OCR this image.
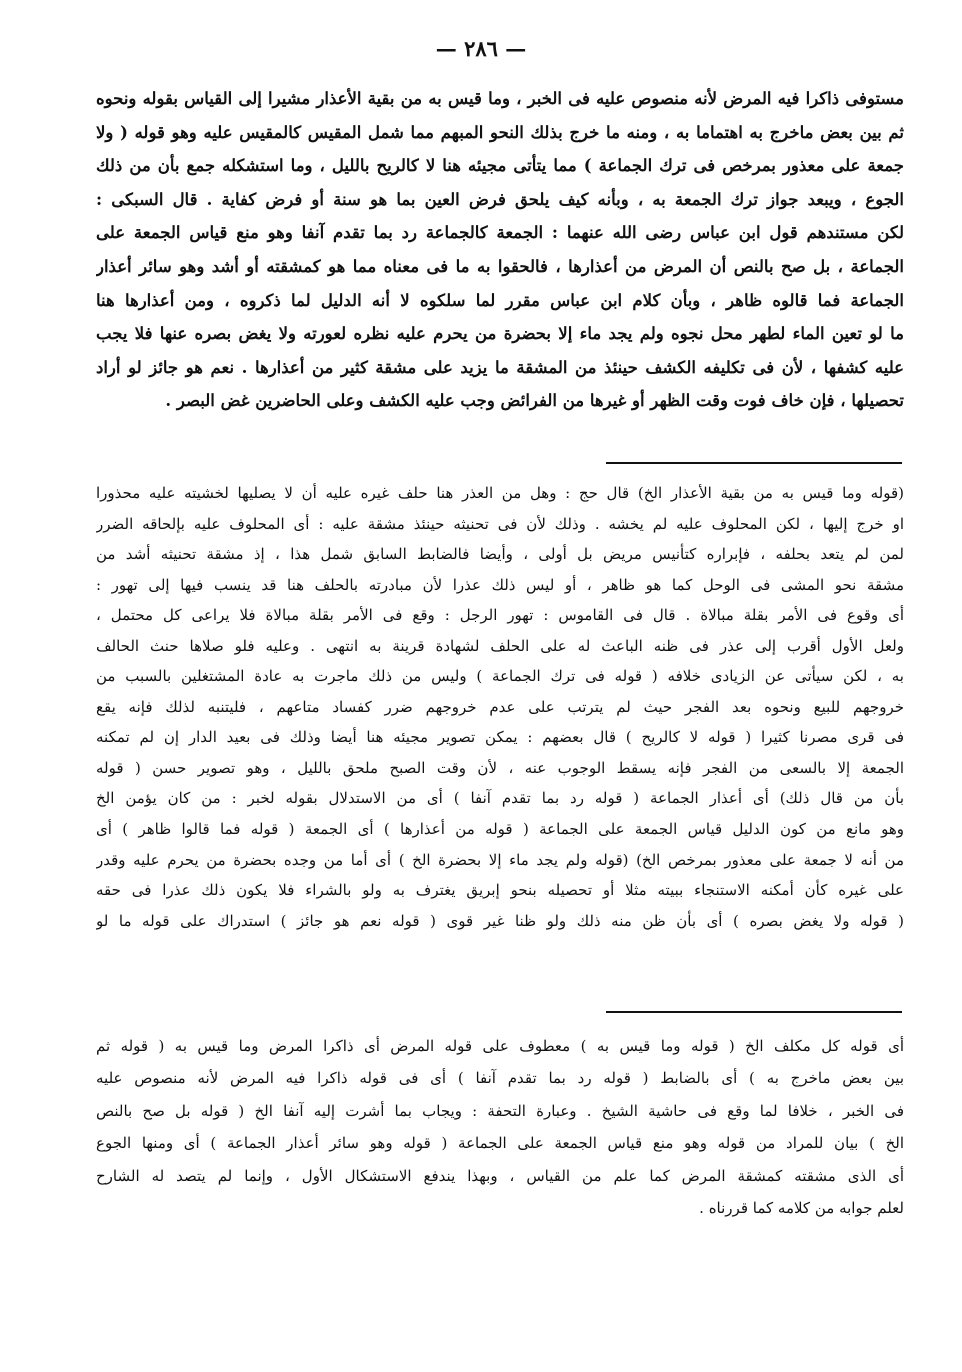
— ٢٨٦ —
مستوفى ذاكرا فيه المرض لأنه منصوص عليه فى الخبر ، وما قيس به من بقية الأعذار مشيرا إلى القياس بقوله ونحوه
ثم بين بعض ماخرج به اهتماما به ، ومنه ما خرج بذلك النحو المبهم مما شمل المقيس كالمقيس عليه وهو قوله ( ولا
جمعة على معذور بمرخص فى ترك الجماعة ) مما يتأتى مجيئه هنا لا كالريح بالليل ، وما استشكله جمع بأن من ذلك
الجوع ، ويبعد جواز ترك الجمعة به ، وبأنه كيف يلحق فرض العين بما هو سنة أو فرض كفاية . قال السبكى :
لكن مستندهم قول ابن عباس رضى الله عنهما : الجمعة كالجماعة رد بما تقدم آنفا وهو منع قياس الجمعة على
الجماعة ، بل صح بالنص أن المرض من أعذارها ، فالحقوا به ما فى معناه مما هو كمشقته أو أشد وهو سائر أعذار
الجماعة فما قالوه ظاهر ، وبأن كلام ابن عباس مقرر لما سلكوه لا أنه الدليل لما ذكروه ، ومن أعذارها هنا
ما لو تعين الماء لطهر محل نجوه ولم يجد ماء إلا بحضرة من يحرم عليه نظره لعورته ولا يغض بصره عنها فلا يجب
عليه كشفها ، لأن فى تكليفه الكشف حينئذ من المشقة ما يزيد على مشقة كثير من أعذارها . نعم هو جائز لو أراد
تحصيلها ، فإن خاف فوت وقت الظهر أو غيرها من الفرائض وجب عليه الكشف وعلى الحاضرين غض البصر .
(قوله وما قيس به من بقية الأعذار الخ) قال حج : وهل من العذر هنا حلف غيره عليه أن لا يصليها لخشيته عليه محذورا
او خرج إليها ، لكن المحلوف عليه لم يخشه . وذلك لأن فى تحنيثه حينئذ مشقة عليه : أى المحلوف عليه بإلحاقه الضرر
لمن لم يتعد بحلفه ، فإبراره كتأنيس مريض بل أولى ، وأيضا فالضابط السابق شمل هذا ، إذ مشقة تحنيثه أشد من
مشقة نحو المشى فى الوحل كما هو ظاهر ، أو ليس ذلك عذرا لأن مبادرته بالحلف هنا قد ينسب فيها إلى تهور :
أى وقوع فى الأمر بقلة مبالاة . قال فى القاموس : تهور الرجل : وقع فى الأمر بقلة مبالاة فلا يراعى كل محتمل ،
ولعل الأول أقرب إلى عذر فى ظنه الباعث له على الحلف لشهادة قرينة به انتهى . وعليه فلو صلاها حنث الحالف
به ، لكن سيأتى عن الزيادى خلافه ( قوله فى ترك الجماعة ) وليس من ذلك ماجرت به عادة المشتغلين بالسبب من
خروجهم للبيع ونحوه بعد الفجر حيث لم يترتب على عدم خروجهم ضرر كفساد متاعهم ، فليتنبه لذلك فإنه يقع
فى قرى مصرنا كثيرا ( قوله لا كالريح ) قال بعضهم : يمكن تصوير مجيئه هنا أيضا وذلك فى بعيد الدار إن لم تمكنه
الجمعة إلا بالسعى من الفجر فإنه يسقط الوجوب عنه ، لأن وقت الصبح ملحق بالليل ، وهو تصوير حسن ( قوله
بأن من قال ذلك) أى أعذار الجماعة ( قوله رد بما تقدم آنفا ) أى من الاستدلال بقوله لخبر : من كان يؤمن الخ
وهو مانع من كون الدليل قياس الجمعة على الجماعة ( قوله من أعذارها ) أى الجمعة ( قوله فما قالوا ظاهر ) أى
من أنه لا جمعة على معذور بمرخص الخ) (قوله ولم يجد ماء إلا بحضرة الخ ) أى أما من وجده بحضرة من يحرم عليه وقدر
على غيره كأن أمكنه الاستنجاء ببيته مثلا أو تحصيله بنحو إبريق يغترف به ولو بالشراء فلا يكون ذلك عذرا فى حقه
( قوله ولا يغض بصره ) أى بأن ظن منه ذلك ولو ظنا غير قوى ( قوله نعم هو جائز ) استدراك على قوله ما لو
أى قوله كل مكلف الخ ( قوله وما قيس به ) معطوف على قوله المرض أى ذاكرا المرض وما قيس به ( قوله ثم
بين بعض ماخرج به ) أى بالضابط ( قوله رد بما تقدم آنفا ) أى فى قوله ذاكرا فيه المرض لأنه منصوص عليه
فى الخبر ، خلافا لما وقع فى حاشية الشيخ . وعبارة التحفة : ويجاب بما أشرت إليه آنفا الخ ( قوله بل صح بالنص
الخ ) بيان للمراد من قوله وهو منع قياس الجمعة على الجماعة ( قوله وهو سائر أعذار الجماعة ) أى ومنها الجوع
أى الذى مشقته كمشقة المرض كما علم من القياس ، وبهذا يندفع الاستشكال الأول ، وإنما لم يتصد له الشارح
لعلم جوابه من كلامه كما قررناه .
